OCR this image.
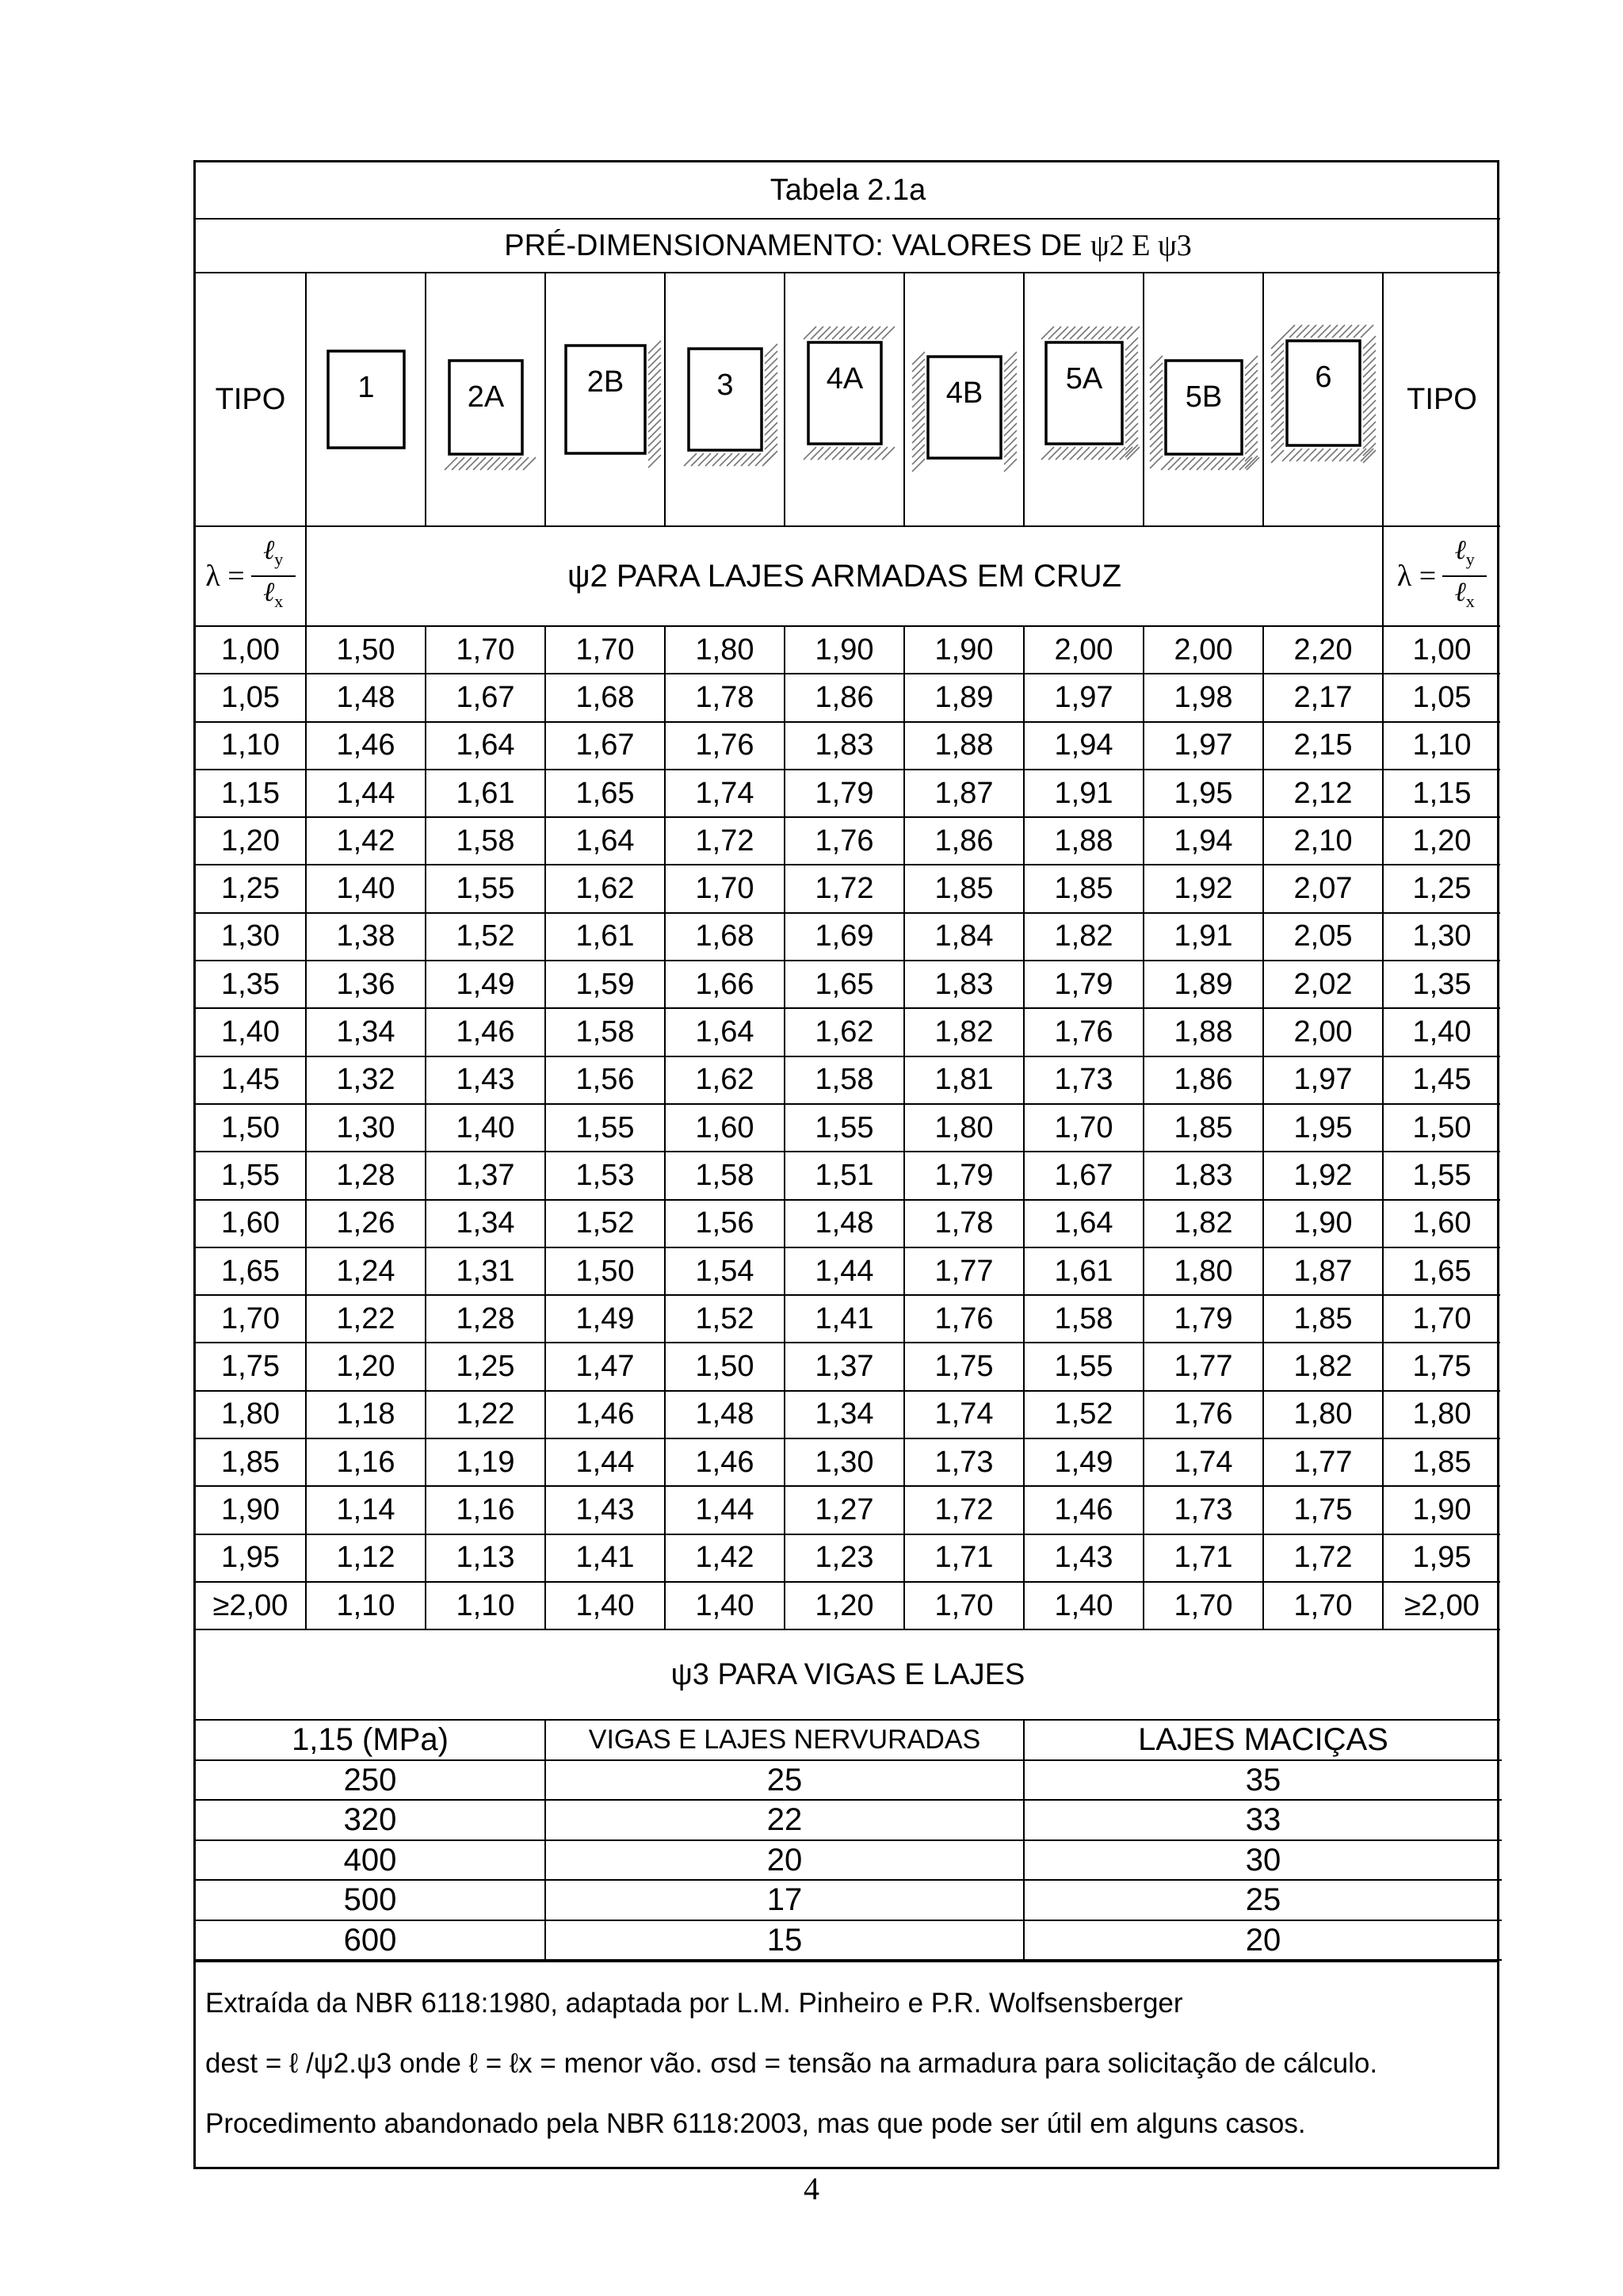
Tabela 2.1a										
PRÉ-DIMENSIONAMENTO: VALORES DE ψ2 E ψ3										
TIPO	1	2A	2B	3	4A	4B	5A	5B	6	TIPO

$\lambda = \frac{\ell_y}{\ell_x}$	ψ2 PARA LAJES ARMADAS EM CRUZ									$\lambda = \frac{\ell_y}{\ell_x}$

1,00	1,50	1,70	1,70	1,80	1,90	1,90	2,00	2,00	2,20	1,00
1,05	1,48	1,67	1,68	1,78	1,86	1,89	1,97	1,98	2,17	1,05
1,10	1,46	1,64	1,67	1,76	1,83	1,88	1,94	1,97	2,15	1,10
1,15	1,44	1,61	1,65	1,74	1,79	1,87	1,91	1,95	2,12	1,15
1,20	1,42	1,58	1,64	1,72	1,76	1,86	1,88	1,94	2,10	1,20
1,25	1,40	1,55	1,62	1,70	1,72	1,85	1,85	1,92	2,07	1,25
1,30	1,38	1,52	1,61	1,68	1,69	1,84	1,82	1,91	2,05	1,30
1,35	1,36	1,49	1,59	1,66	1,65	1,83	1,79	1,89	2,02	1,35
1,40	1,34	1,46	1,58	1,64	1,62	1,82	1,76	1,88	2,00	1,40
1,45	1,32	1,43	1,56	1,62	1,58	1,81	1,73	1,86	1,97	1,45
1,50	1,30	1,40	1,55	1,60	1,55	1,80	1,70	1,85	1,95	1,50
1,55	1,28	1,37	1,53	1,58	1,51	1,79	1,67	1,83	1,92	1,55
1,60	1,26	1,34	1,52	1,56	1,48	1,78	1,64	1,82	1,90	1,60
1,65	1,24	1,31	1,50	1,54	1,44	1,77	1,61	1,80	1,87	1,65
1,70	1,22	1,28	1,49	1,52	1,41	1,76	1,58	1,79	1,85	1,70
1,75	1,20	1,25	1,47	1,50	1,37	1,75	1,55	1,77	1,82	1,75
1,80	1,18	1,22	1,46	1,48	1,34	1,74	1,52	1,76	1,80	1,80
1,85	1,16	1,19	1,44	1,46	1,30	1,73	1,49	1,74	1,77	1,85
1,90	1,14	1,16	1,43	1,44	1,27	1,72	1,46	1,73	1,75	1,90
1,95	1,12	1,13	1,41	1,42	1,23	1,71	1,43	1,71	1,72	1,95
≥2,00	1,10	1,10	1,40	1,40	1,20	1,70	1,40	1,70	1,70	≥2,00
ψ3 PARA VIGAS E LAJES										
1,15 (MPa)	VIGAS E LAJES NERVURADAS	LAJES MACIÇAS
250	25	35
320	22	33
400	20	30
500	17	25
600	15	20
Extraída da NBR 6118:1980, adaptada por L.M. Pinheiro e P.R. Wolfsensberger
dest = ℓ /ψ2.ψ3 onde ℓ = ℓx = menor vão. σsd = tensão na armadura para solicitação de cálculo.
Procedimento abandonado pela NBR 6118:2003, mas que pode ser útil em alguns casos.
4
